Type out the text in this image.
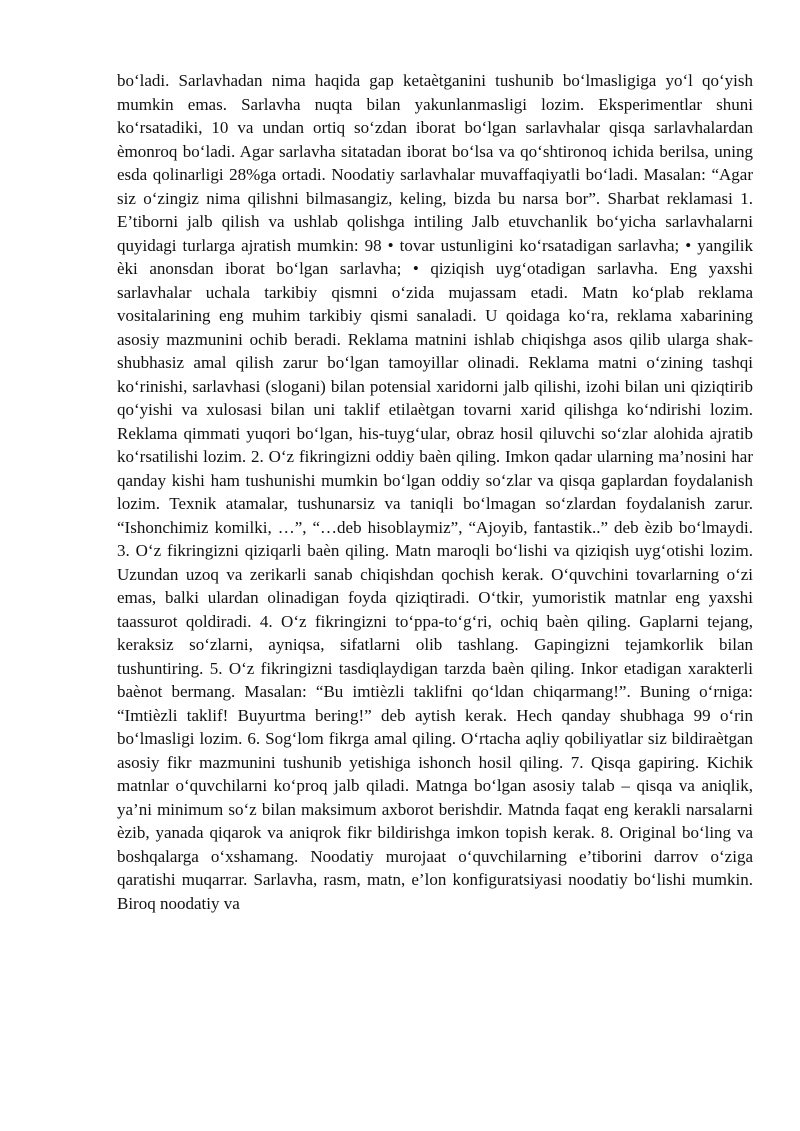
bo‘ladi. Sarlavhadan nima haqida gap ketaѐtganini tushunib bo‘lmasligiga yo‘l qo‘yish mumkin emas. Sarlavha nuqta bilan yakunlanmasligi lozim. Eksperimentlar shuni ko‘rsatadiki, 10 va undan ortiq so‘zdan iborat bo‘lgan sarlavhalar qisqa sarlavhalardan ѐmonroq bo‘ladi. Agar sarlavha sitatadan iborat bo‘lsa va qo‘shtironoq ichida berilsa, uning esda qolinarligi 28%ga ortadi. Noodatiy sarlavhalar muvaffaqiyatli bo‘ladi. Masalan: “Agar siz o‘zingiz nima qilishni bilmasangiz, keling, bizda bu narsa bor”. Sharbat reklamasi 1. E’tiborni jalb qilish va ushlab qolishga intiling Jalb etuvchanlik bo‘yicha sarlavhalarni quyidagi turlarga ajratish mumkin: 98 • tovar ustunligini ko‘rsatadigan sarlavha; • yangilik ѐki anonsdan iborat bo‘lgan sarlavha; • qiziqish uyg‘otadigan sarlavha. Eng yaxshi sarlavhalar uchala tarkibiy qismni o‘zida mujassam etadi. Matn ko‘plab reklama vositalarining eng muhim tarkibiy qismi sanaladi. U qoidaga ko‘ra, reklama xabarining asosiy mazmunini ochib beradi. Reklama matnini ishlab chiqishga asos qilib ularga shak-shubhasiz amal qilish zarur bo‘lgan tamoyillar olinadi. Reklama matni o‘zining tashqi ko‘rinishi, sarlavhasi (slogani) bilan potensial xaridorni jalb qilishi, izohi bilan uni qiziqtirib qo‘yishi va xulosasi bilan uni taklif etilaѐtgan tovarni xarid qilishga ko‘ndirishi lozim. Reklama qimmati yuqori bo‘lgan, his-tuyg‘ular, obraz hosil qiluvchi so‘zlar alohida ajratib ko‘rsatilishi lozim. 2. O‘z fikringizni oddiy baѐn qiling. Imkon qadar ularning ma’nosini har qanday kishi ham tushunishi mumkin bo‘lgan oddiy so‘zlar va qisqa gaplardan foydalanish lozim. Texnik atamalar, tushunarsiz va taniqli bo‘lmagan so‘zlardan foydalanish zarur. “Ishonchimiz komilki, …”, “…deb hisoblaymiz”, “Ajoyib, fantastik..” deb ѐzib bo‘lmaydi. 3. O‘z fikringizni qiziqarli baѐn qiling. Matn maroqli bo‘lishi va qiziqish uyg‘otishi lozim. Uzundan uzoq va zerikarli sanab chiqishdan qochish kerak. O‘quvchini tovarlarning o‘zi emas, balki ulardan olinadigan foyda qiziqtiradi. O‘tkir, yumoristik matnlar eng yaxshi taassurot qoldiradi. 4. O‘z fikringizni to‘ppa-to‘g‘ri, ochiq baѐn qiling. Gaplarni tejang, keraksiz so‘zlarni, ayniqsa, sifatlarni olib tashlang. Gapingizni tejamkorlik bilan tushuntiring. 5. O‘z fikringizni tasdiqlaydigan tarzda baѐn qiling. Inkor etadigan xarakterli baѐnot bermang. Masalan: “Bu imtiѐzli taklifni qo‘ldan chiqarmang!”. Buning o‘rniga: “Imtiѐzli taklif! Buyurtma bering!” deb aytish kerak. Hech qanday shubhaga 99 o‘rin bo‘lmasligi lozim. 6. Sog‘lom fikrga amal qiling. O‘rtacha aqliy qobiliyatlar siz bildiraѐtgan asosiy fikr mazmunini tushunib yetishiga ishonch hosil qiling. 7. Qisqa gapiring. Kichik matnlar o‘quvchilarni ko‘proq jalb qiladi. Matnga bo‘lgan asosiy talab – qisqa va aniqlik, ya’ni minimum so‘z bilan maksimum axborot berishdir. Matnda faqat eng kerakli narsalarni ѐzib, yanada qiqarok va aniqrok fikr bildirishga imkon topish kerak. 8. Original bo‘ling va boshqalarga o‘xshamang. Noodatiy murojaat o‘quvchilarning e’tiborini darrov o‘ziga qaratishi muqarrar. Sarlavha, rasm, matn, e’lon konfiguratsiyasi noodatiy bo‘lishi mumkin. Biroq noodatiy va
